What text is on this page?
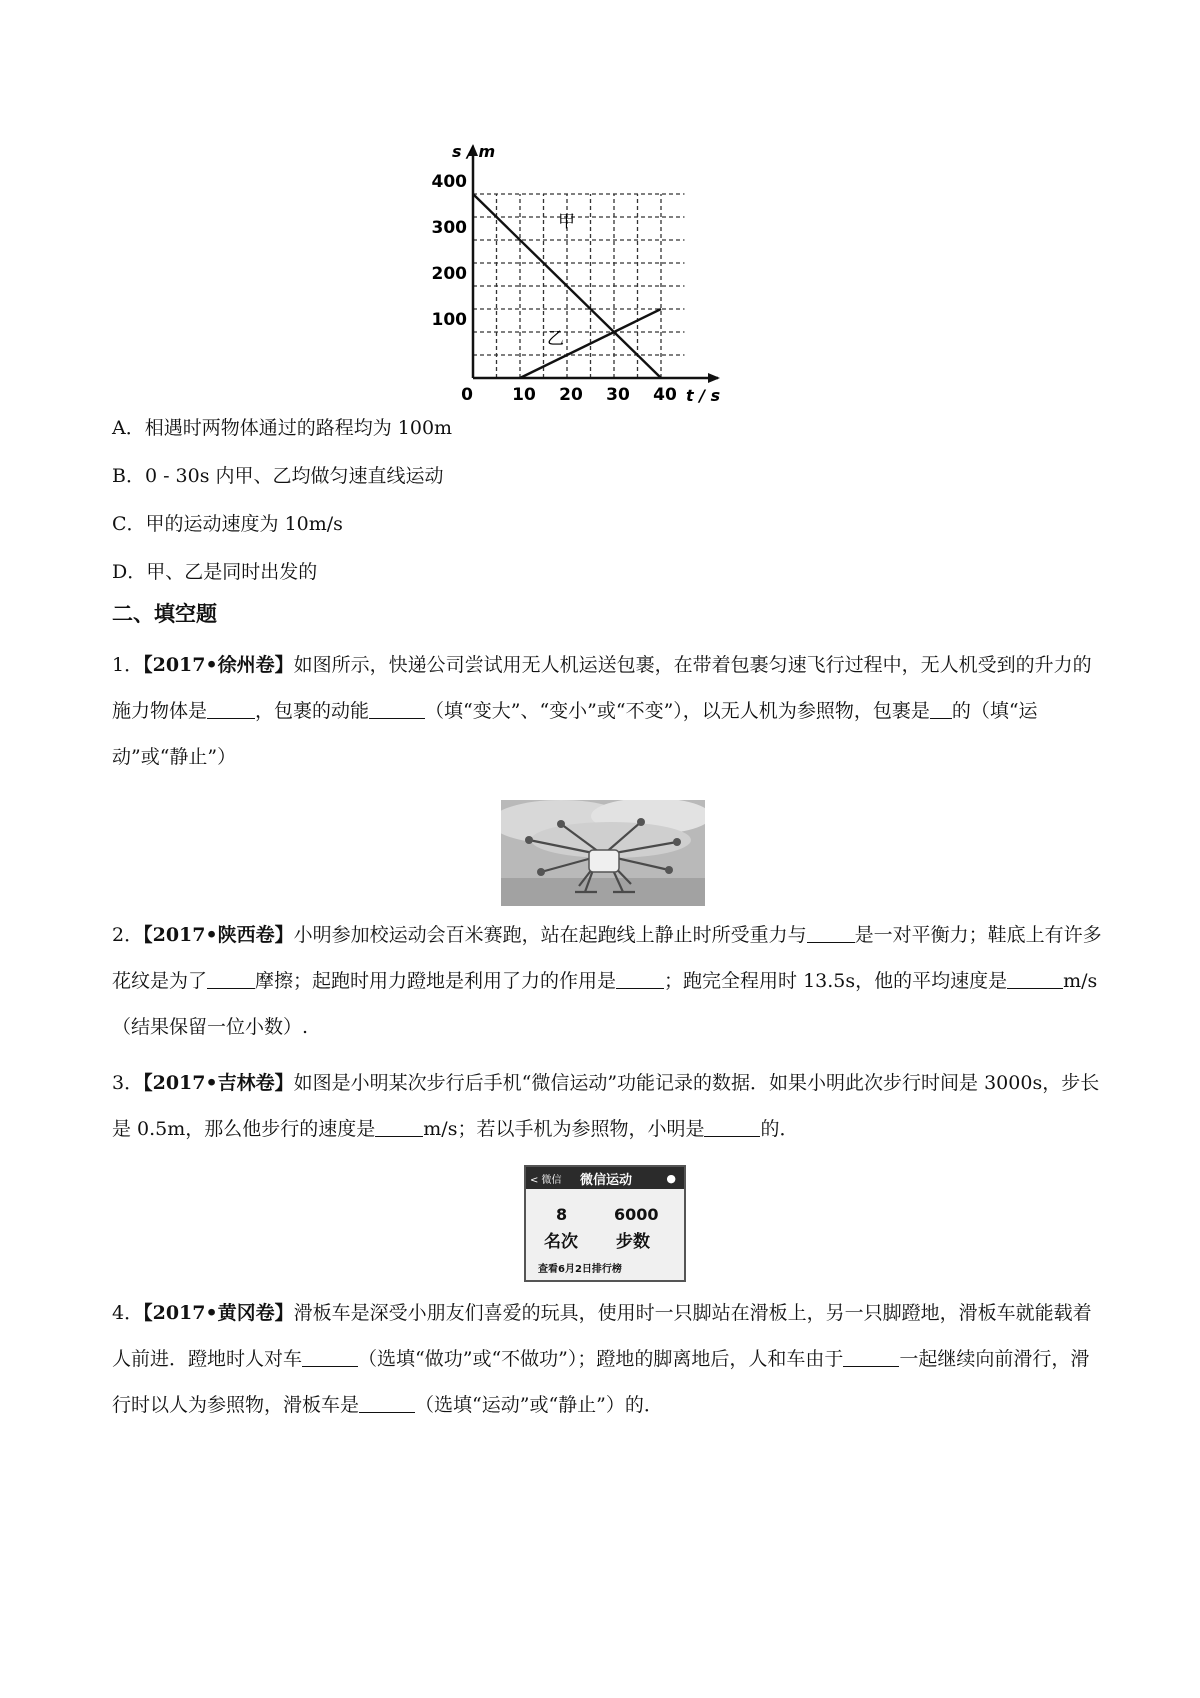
0 10 20 30 40
100
200
300
400
s / m
t / s
甲
乙
A．相遇时两物体通过的路程均为 100m
B．0 - 30s 内甲、乙均做匀速直线运动
C．甲的运动速度为 10m/s
D．甲、乙是同时出发的
二、填空题
1．【2017•徐州卷】如图所示，快递公司尝试用无人机运送包裹，在带着包裹匀速飞行过程中，无人机受到的升力的施力物体是	，包裹的动能	（填“变大”、“变小”或“不变”），以无人机为参照物，包裹是 的（填“运动”或“静止”）
2．【2017•陕西卷】小明参加校运动会百米赛跑，站在起跑线上静止时所受重力与	是一对平衡力；鞋底上有许多花纹是为了	摩擦；起跑时用力蹬地是利用了力的作用是	；跑完全程用时 13.5s，他的平均速度是	m/s（结果保留一位小数）.
3．【2017•吉林卷】如图是小明某次步行后手机“微信运动”功能记录的数据．如果小明此次步行时间是 3000s，步长是 0.5m，那么他步行的速度是	m/s；若以手机为参照物，小明是	的．
< 微信 微信运动	●
8	6000
名次 步数
查看6月2日排行榜
4．【2017•黄冈卷】滑板车是深受小朋友们喜爱的玩具，使用时一只脚站在滑板上，另一只脚蹬地，滑板车就能载着人前进．蹬地时人对车	（选填“做功”或“不做功”）；蹬地的脚离地后，人和车由于	一起继续向前滑行，滑行时以人为参照物，滑板车是	（选填“运动”或“静止”）的．
